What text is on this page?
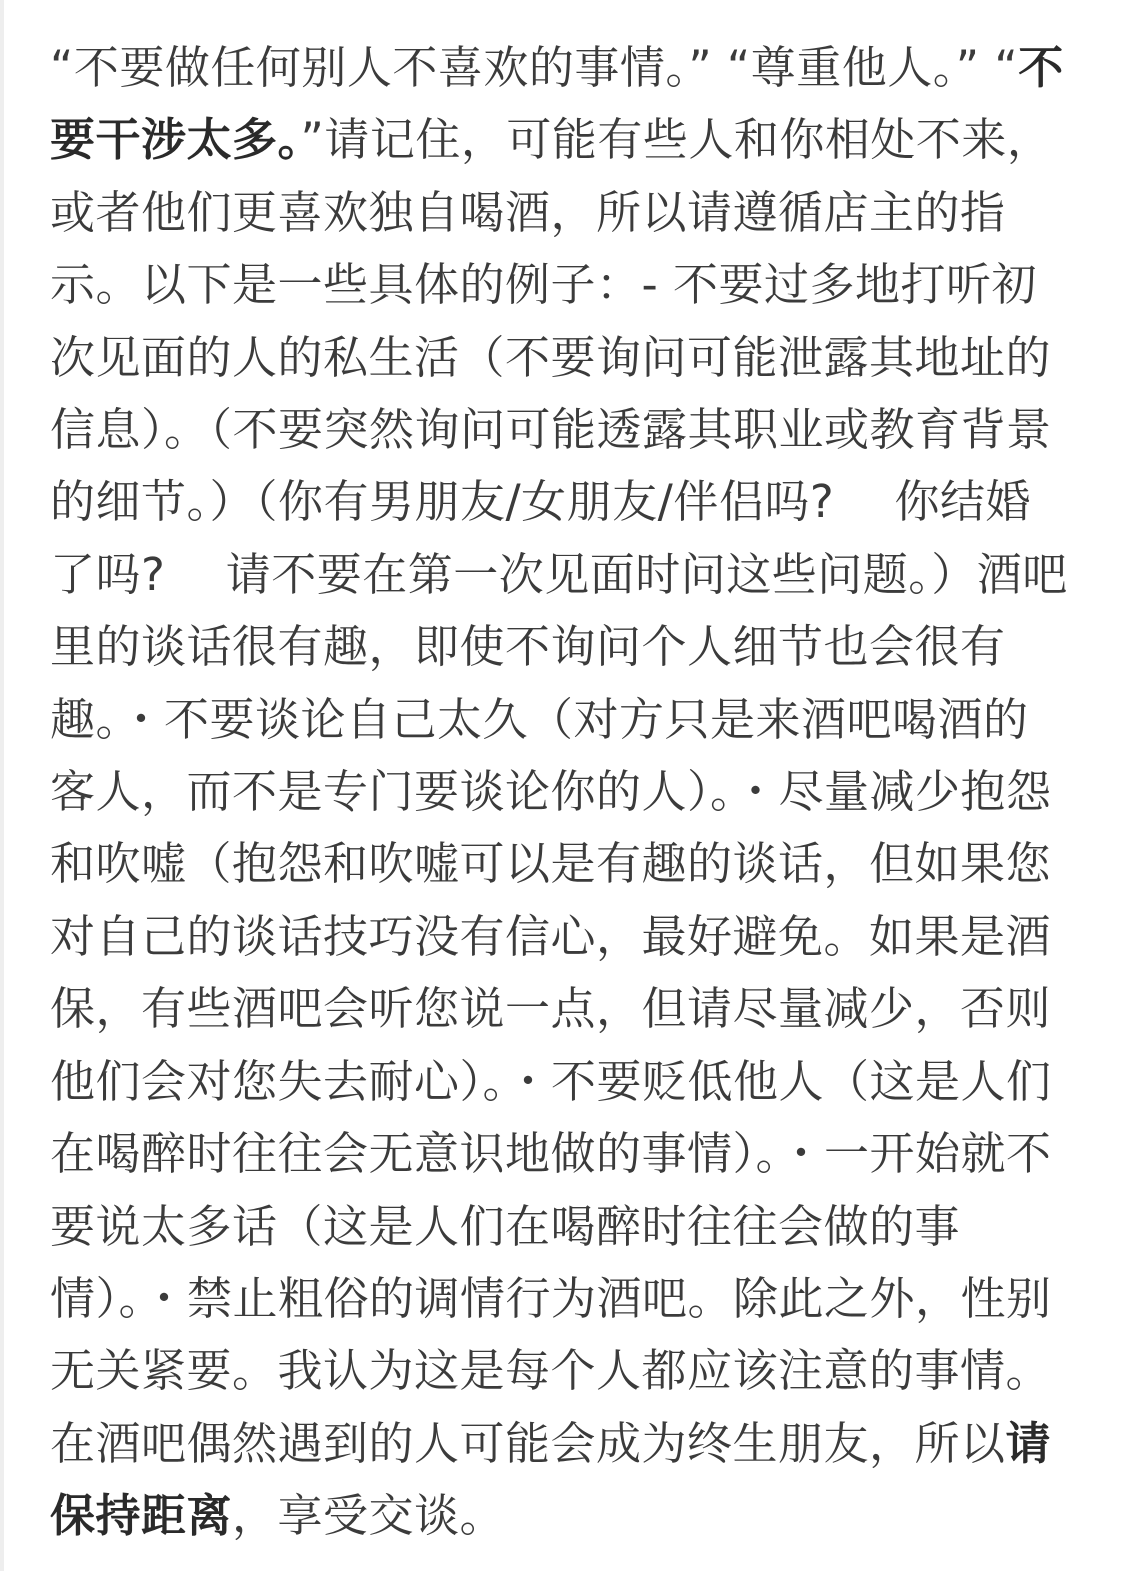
“不要做任何别人不喜欢的事情。” “尊重他人。” “不要干涉太多。”请记住，可能有些人和你相处不来，或者他们更喜欢独自喝酒，所以请遵循店主的指示。以下是一些具体的例子：- 不要过多地打听初次见面的人的私生活（不要询问可能泄露其地址的信息）。（不要突然询问可能透露其职业或教育背景的细节。）（你有男朋友/女朋友/伴侣吗?　 你结婚了吗?　 请不要在第一次见面时问这些问题。）酒吧里的谈话很有趣，即使不询问个人细节也会很有趣。・不要谈论自己太久（对方只是来酒吧喝酒的客人，而不是专门要谈论你的人）。・尽量减少抱怨和吹嘘（抱怨和吹嘘可以是有趣的谈话，但如果您对自己的谈话技巧没有信心，最好避免。如果是酒保，有些酒吧会听您说一点，但请尽量减少，否则他们会对您失去耐心）。・不要贬低他人（这是人们在喝醉时往往会无意识地做的事情）。・一开始就不要说太多话（这是人们在喝醉时往往会做的事情）。・禁止粗俗的调情行为酒吧。除此之外，性别无关紧要。我认为这是每个人都应该注意的事情。在酒吧偶然遇到的人可能会成为终生朋友，所以请保持距离，享受交谈。
